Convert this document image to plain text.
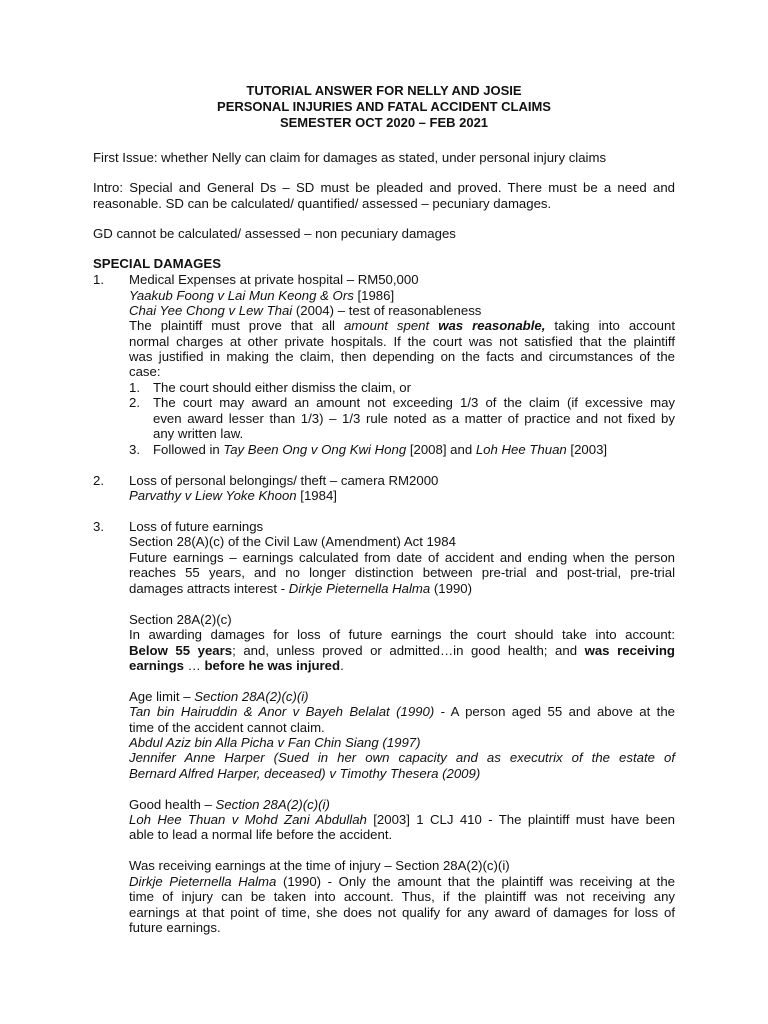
TUTORIAL ANSWER FOR NELLY AND JOSIE
PERSONAL INJURIES AND FATAL ACCIDENT CLAIMS
SEMESTER OCT 2020 – FEB 2021
First Issue: whether Nelly can claim for damages as stated, under personal injury claims
Intro: Special and General Ds – SD must be pleaded and proved. There must be a need and
reasonable. SD can be calculated/ quantified/ assessed – pecuniary damages.
GD cannot be calculated/ assessed – non pecuniary damages
SPECIAL DAMAGES
1. Medical Expenses at private hospital – RM50,000
Yaakub Foong v Lai Mun Keong & Ors [1986]
Chai Yee Chong v Lew Thai (2004) – test of reasonableness
The plaintiff must prove that all amount spent was reasonable, taking into account
normal charges at other private hospitals. If the court was not satisfied that the plaintiff
was justified in making the claim, then depending on the facts and circumstances of the
case:
1. The court should either dismiss the claim, or
2. The court may award an amount not exceeding 1/3 of the claim (if excessive may
even award lesser than 1/3) – 1/3 rule noted as a matter of practice and not fixed by
any written law.
3. Followed in Tay Been Ong v Ong Kwi Hong [2008] and Loh Hee Thuan [2003]
2. Loss of personal belongings/ theft – camera RM2000
Parvathy v Liew Yoke Khoon [1984]
3. Loss of future earnings
Section 28(A)(c) of the Civil Law (Amendment) Act 1984
Future earnings – earnings calculated from date of accident and ending when the person
reaches 55 years, and no longer distinction between pre-trial and post-trial, pre-trial
damages attracts interest - Dirkje Pieternella Halma (1990)
Section 28A(2)(c)
In awarding damages for loss of future earnings the court should take into account:
Below 55 years; and, unless proved or admitted…in good health; and was receiving
earnings … before he was injured.
Age limit – Section 28A(2)(c)(i)
Tan bin Hairuddin & Anor v Bayeh Belalat (1990) - A person aged 55 and above at the
time of the accident cannot claim.
Abdul Aziz bin Alla Picha v Fan Chin Siang (1997)
Jennifer Anne Harper (Sued in her own capacity and as executrix of the estate of
Bernard Alfred Harper, deceased) v Timothy Thesera (2009)
Good health – Section 28A(2)(c)(i)
Loh Hee Thuan v Mohd Zani Abdullah [2003] 1 CLJ 410 - The plaintiff must have been
able to lead a normal life before the accident.
Was receiving earnings at the time of injury – Section 28A(2)(c)(i)
Dirkje Pieternella Halma (1990) - Only the amount that the plaintiff was receiving at the
time of injury can be taken into account. Thus, if the plaintiff was not receiving any
earnings at that point of time, she does not qualify for any award of damages for loss of
future earnings.
